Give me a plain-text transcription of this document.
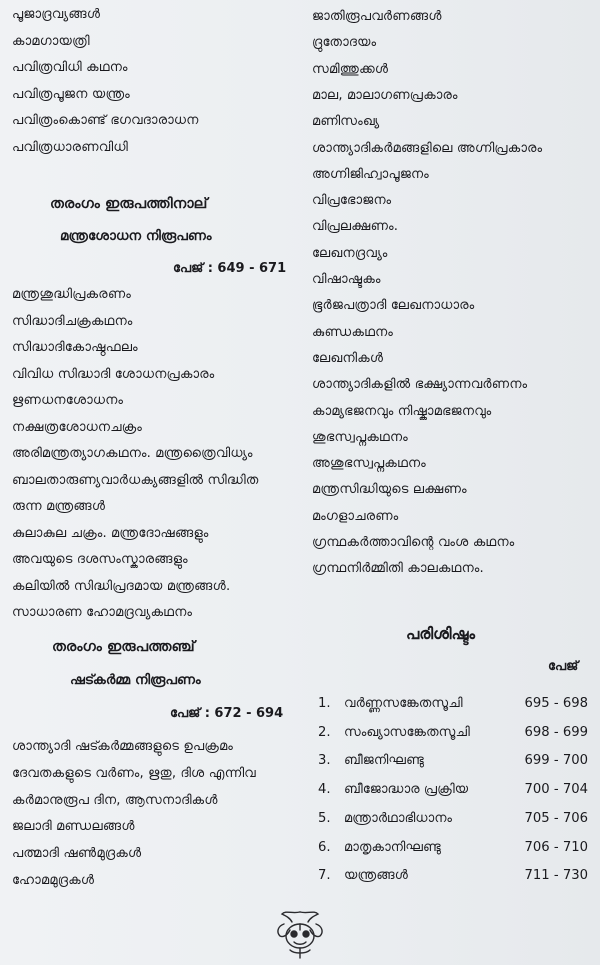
പൂജാദ്രവ്യങ്ങൾ
കാമഗായത്രി
പവിത്രവിധി കഥനം
പവിത്രപൂജന യന്ത്രം
പവിത്രംകൊണ്ട് ഭഗവദാരാധന
പവിത്രധാരണവിധി
തരംഗം ഇരുപത്തിനാല്
മന്ത്രശോധന നിരൂപണം
പേജ് : 649 - 671
മന്ത്രശുദ്ധിപ്രകരണം
സിദ്ധാദിചക്രകഥനം
സിദ്ധാദികോഷ്ഠഫലം
വിവിധ സിദ്ധാദി ശോധനപ്രകാരം
ഋണധനശോധനം
നക്ഷത്രശോധനചക്രം
അരിമന്ത്രത്യാഗകഥനം. മന്ത്രത്രൈവിധ്യം
ബാലതാരുണ്യവാർധക്യങ്ങളിൽ സിദ്ധിത
രുന്ന മന്ത്രങ്ങൾ
കുലാകുല ചക്രം. മന്ത്രദോഷങ്ങളും
അവയുടെ ദശസംസ്കാരങ്ങളും
കലിയിൽ സിദ്ധിപ്രദമായ മന്ത്രങ്ങൾ.
സാധാരണ ഹോമദ്രവ്യകഥനം
തരംഗം ഇരുപത്തഞ്ച്
ഷട്കർമ്മ നിരൂപണം
പേജ് : 672 - 694
ശാന്ത്യാദി ഷട്കർമ്മങ്ങളുടെ ഉപക്രമം
ദേവതകളുടെ വർണം, ഋതു, ദിശ എന്നിവ
കർമാനുരൂപ ദിന, ആസനാദികൾ
ജലാദി മണ്ഡലങ്ങൾ
പത്മാദി ഷൺമുദ്രകൾ
ഹോമമുദ്രകൾ
ജാതിരൂപവർണങ്ങൾ
ദ്രുതോദയം
സമിത്തുക്കൾ
മാല, മാലാഗണപ്രകാരം
മണിസംഖ്യ
ശാന്ത്യാദികർമങ്ങളിലെ അഗ്നിപ്രകാരം
അഗ്നിജിഹ്വാപൂജനം
വിപ്രഭോജനം
വിപ്രലക്ഷണം.
ലേഖനദ്രവ്യം
വിഷാഷ്ടകം
ഭൂർജപത്രാദി ലേഖനാധാരം
കുണ്ഡകഥനം
ലേഖനികൾ
ശാന്ത്യാദികളിൽ ഭക്ഷ്യാന്നവർണനം
കാമ്യഭജനവും നിഷ്കാമഭജനവും
ശുഭസ്വപ്നകഥനം
അശുഭസ്വപ്നകഥനം
മന്ത്രസിദ്ധിയുടെ ലക്ഷണം
മംഗളാചരണം
ഗ്രന്ഥകർത്താവിന്റെ വംശ കഥനം
ഗ്രന്ഥനിർമ്മിതി കാലകഥനം.
പരിശിഷ്ടം
പേജ്
1. വർണ്ണസങ്കേതസൂചി	695 - 698
2. സംഖ്യാസങ്കേതസൂചി	698 - 699
3. ബീജനിഘണ്ടു	699 - 700
4. ബീജോദ്ധാര പ്രക്രിയ	700 - 704
5. മന്ത്രാർഥാഭിധാനം	705 - 706
6. മാതൃകാനിഘണ്ടു	706 - 710
7. യന്ത്രങ്ങൾ	711 - 730
